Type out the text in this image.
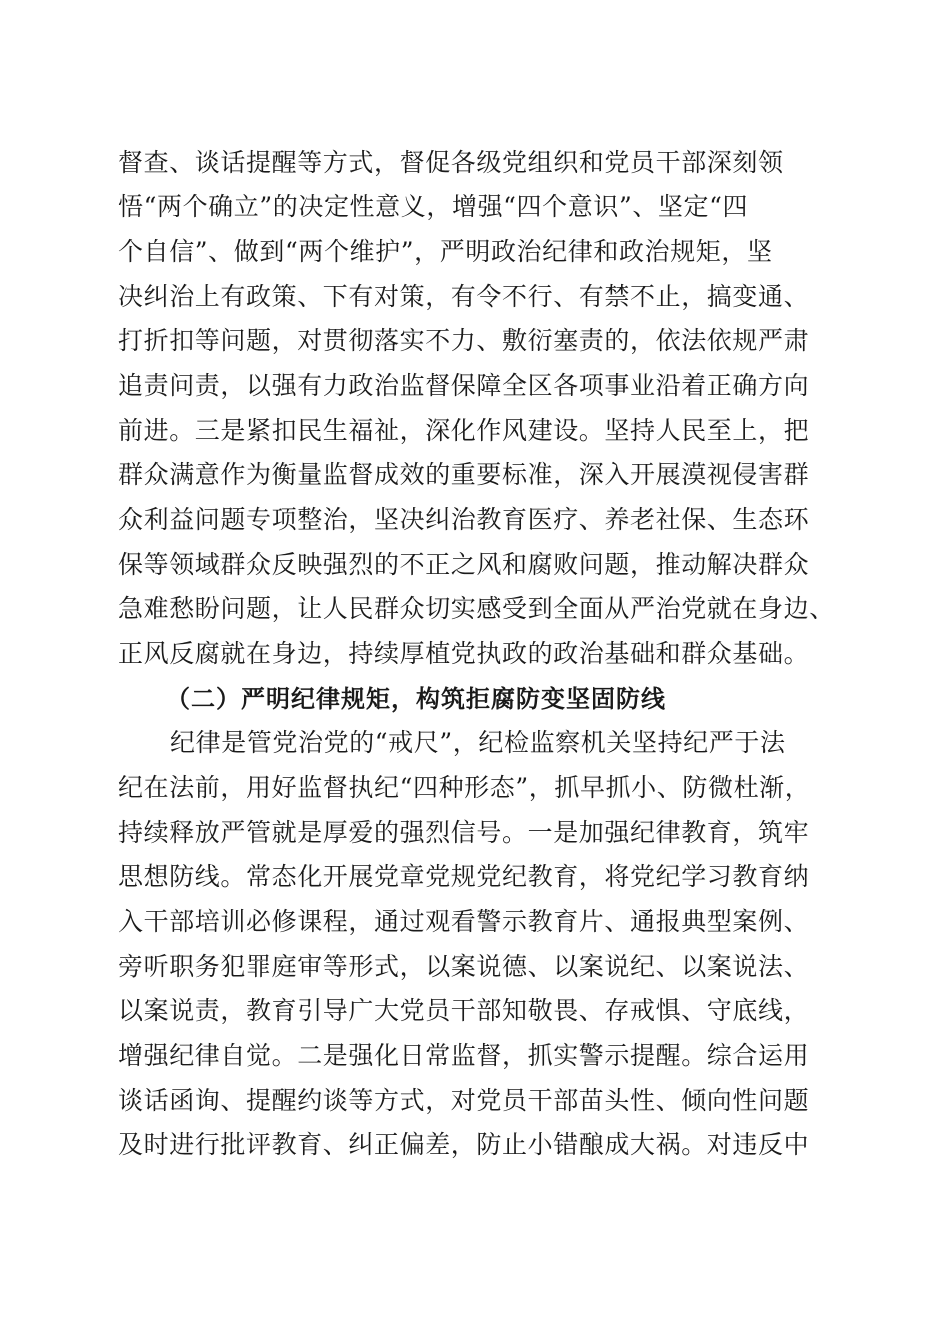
督查、谈话提醒等方式，督促各级党组织和党员干部深刻领
悟“两个确立”的决定性意义，增强“四个意识”、坚定“四
个自信”、做到“两个维护”，严明政治纪律和政治规矩，坚
决纠治上有政策、下有对策，有令不行、有禁不止，搞变通、
打折扣等问题，对贯彻落实不力、敷衍塞责的，依法依规严肃
追责问责，以强有力政治监督保障全区各项事业沿着正确方向
前进。三是紧扣民生福祉，深化作风建设。坚持人民至上，把
群众满意作为衡量监督成效的重要标准，深入开展漠视侵害群
众利益问题专项整治，坚决纠治教育医疗、养老社保、生态环
保等领域群众反映强烈的不正之风和腐败问题，推动解决群众
急难愁盼问题，让人民群众切实感受到全面从严治党就在身边、
正风反腐就在身边，持续厚植党执政的政治基础和群众基础。
（二）严明纪律规矩，构筑拒腐防变坚固防线
纪律是管党治党的“戒尺”，纪检监察机关坚持纪严于法
纪在法前，用好监督执纪“四种形态”，抓早抓小、防微杜渐，
持续释放严管就是厚爱的强烈信号。一是加强纪律教育，筑牢
思想防线。常态化开展党章党规党纪教育，将党纪学习教育纳
入干部培训必修课程，通过观看警示教育片、通报典型案例、
旁听职务犯罪庭审等形式，以案说德、以案说纪、以案说法、
以案说责，教育引导广大党员干部知敬畏、存戒惧、守底线，
增强纪律自觉。二是强化日常监督，抓实警示提醒。综合运用
谈话函询、提醒约谈等方式，对党员干部苗头性、倾向性问题
及时进行批评教育、纠正偏差，防止小错酿成大祸。对违反中
